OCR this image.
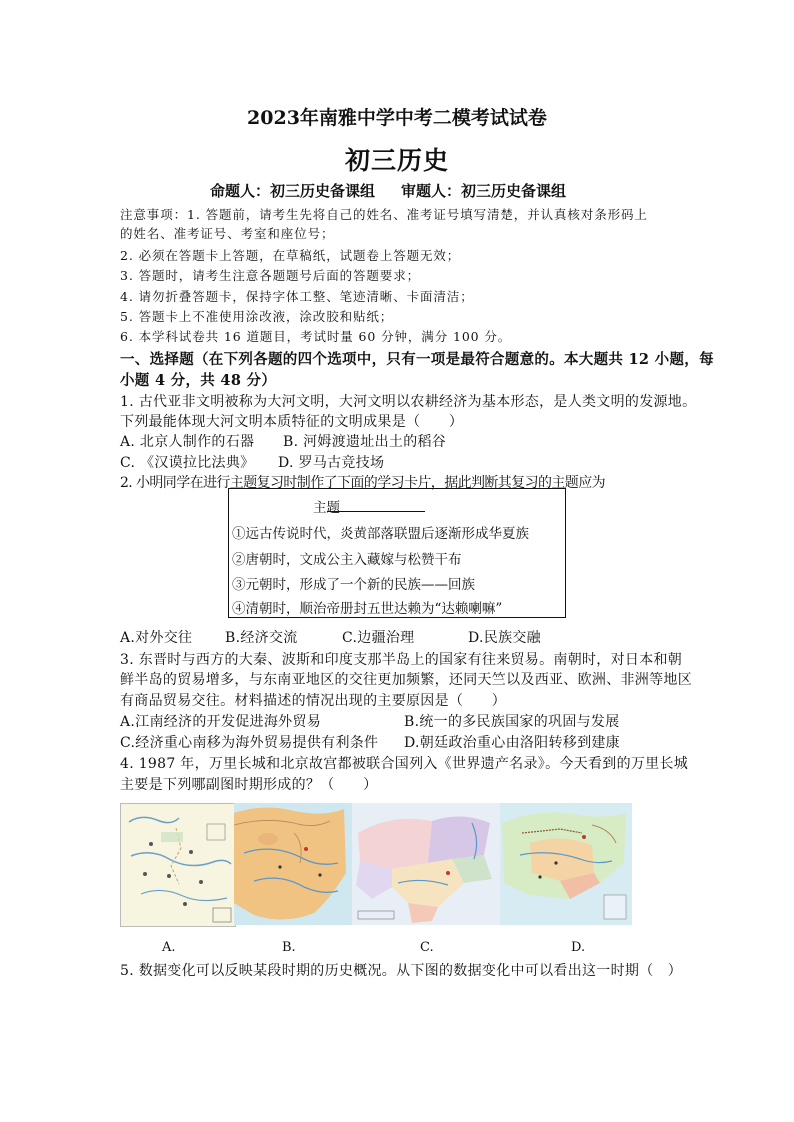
2023年南雅中学中考二模考试试卷
初三历史
命题人：初三历史备课组 审题人：初三历史备课组
注意事项：1. 答题前，请考生先将自己的姓名、准考证号填写清楚，并认真核对条形码上
的姓名、准考证号、考室和座位号；
2. 必须在答题卡上答题，在草稿纸，试题卷上答题无效；
3. 答题时，请考生注意各题题号后面的答题要求；
4. 请勿折叠答题卡，保持字体工整、笔迹清晰、卡面清洁；
5. 答题卡上不准使用涂改液，涂改胶和贴纸；
6. 本学科试卷共 16 道题目，考试时量 60 分钟，满分 100 分。
一、选择题（在下列各题的四个选项中，只有一项是最符合题意的。本大题共 12 小题，每
小题 4 分，共 48 分）
1. 古代亚非文明被称为大河文明，大河文明以农耕经济为基本形态，是人类文明的发源地。
下列最能体现大河文明本质特征的文明成果是（　　）
A. 北京人制作的石器 B. 河姆渡遗址出土的稻谷
C. 《汉谟拉比法典》 D. 罗马古竞技场
2. 小明同学在进行主题复习时制作了下面的学习卡片，据此判断其复习的主题应为
主题
①远古传说时代，炎黄部落联盟后逐渐形成华夏族
②唐朝时，文成公主入藏嫁与松赞干布
③元朝时，形成了一个新的民族——回族
④清朝时，顺治帝册封五世达赖为“达赖喇嘛”
A.对外交往 B.经济交流	C.边疆治理	D.民族交融
3. 东晋时与西方的大秦、波斯和印度支那半岛上的国家有往来贸易。南朝时，对日本和朝
鲜半岛的贸易增多，与东南亚地区的交往更加频繁，还同天竺以及西亚、欧洲、非洲等地区
有商品贸易交往。材料描述的情况出现的主要原因是（　　）
A.江南经济的开发促进海外贸易	B.统一的多民族国家的巩固与发展
C.经济重心南移为海外贸易提供有利条件 D.朝廷政治重心由洛阳转移到建康
4. 1987 年，万里长城和北京故宫都被联合国列入《世界遗产名录》。今天看到的万里长城
主要是下列哪副图时期形成的？（　　）
A.	B.	C.	D.
5. 数据变化可以反映某段时期的历史概况。从下图的数据变化中可以看出这一时期（　）
